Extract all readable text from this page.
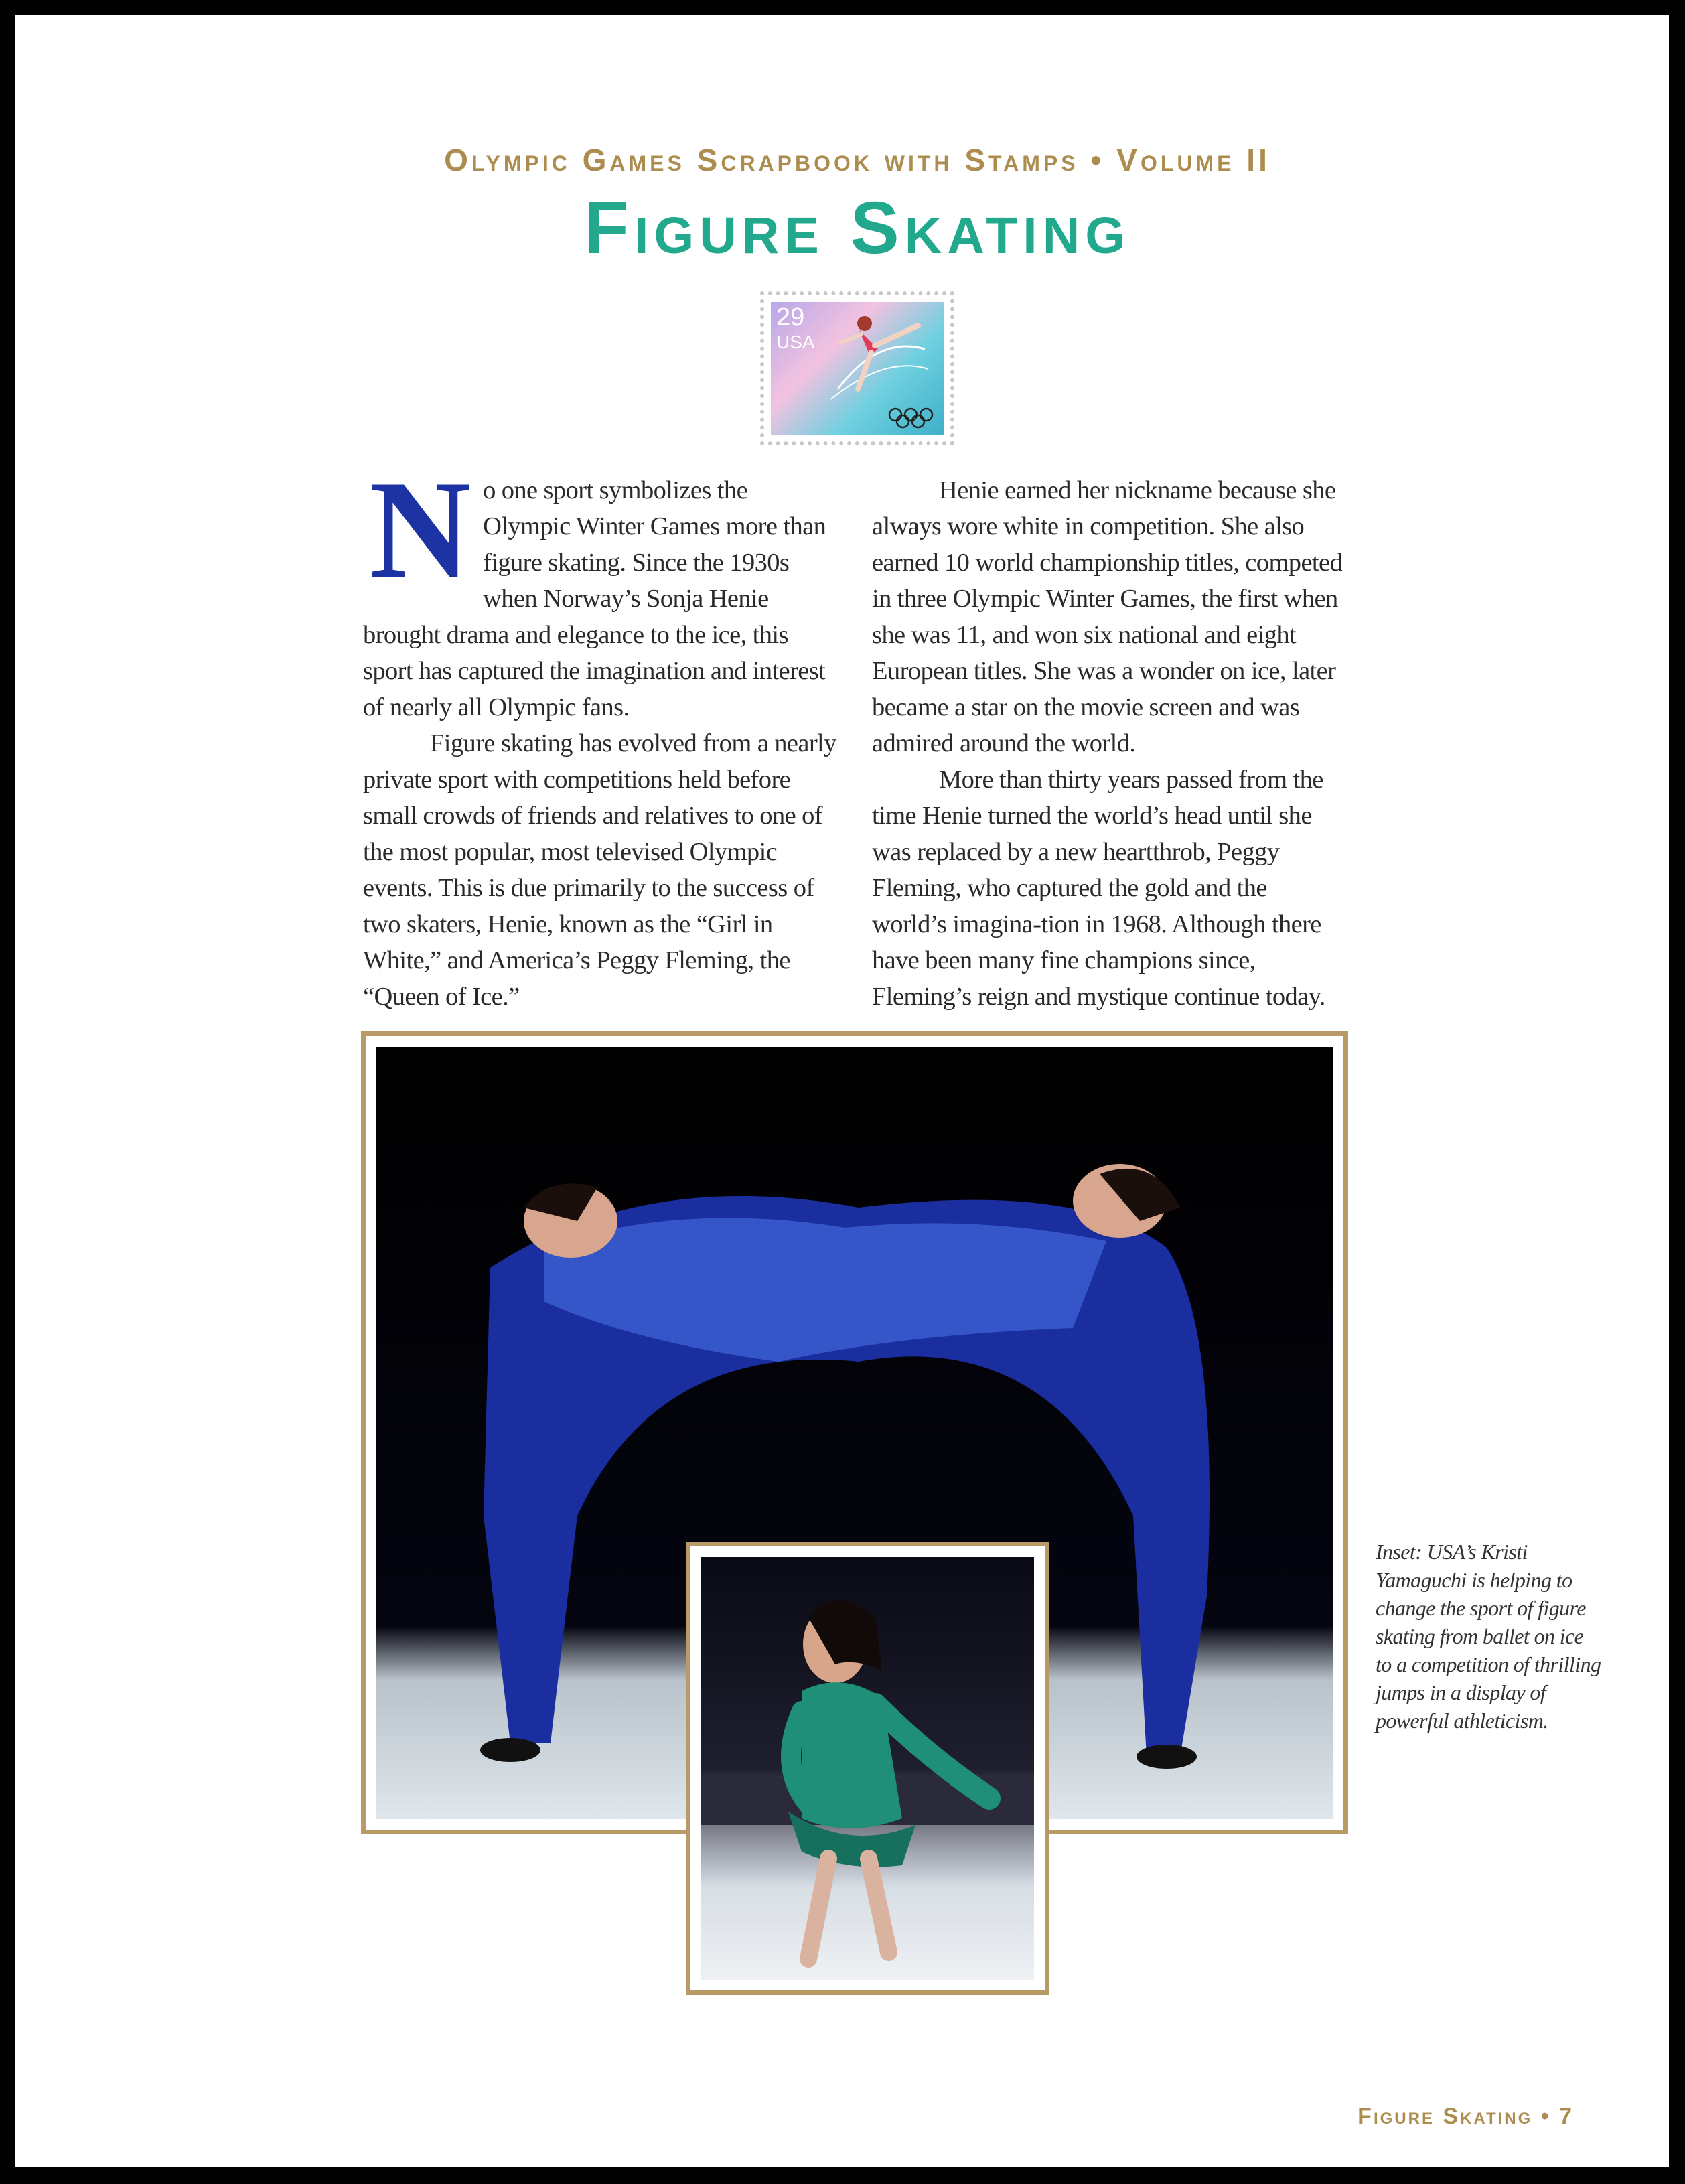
Olympic Games Scrapbook with Stamps • Volume II
Figure Skating
29
USA

No one sport symbolizes the Olympic Winter Games more than figure skating. Since the 1930s when Norway’s Sonja Henie brought drama and elegance to the ice, this sport has captured the imagination and interest of nearly all Olympic fans.

Figure skating has evolved from a nearly private sport with competitions held before small crowds of friends and relatives to one of the most popular, most televised Olympic events. This is due primarily to the success of two skaters, Henie, known as the “Girl in White,” and America’s Peggy Fleming, the “Queen of Ice.”

Henie earned her nickname because she always wore white in competition. She also earned 10 world championship titles, competed in three Olympic Winter Games, the first when she was 11, and won six national and eight European titles. She was a wonder on ice, later became a star on the movie screen and was admired around the world.

More than thirty years passed from the time Henie turned the world’s head until she was replaced by a new heartthrob, Peggy Fleming, who captured the gold and the world’s imagina-tion in 1968. Although there have been many fine champions since, Fleming’s reign and mystique continue today.

Inset: USA’s Kristi Yamaguchi is helping to change the sport of figure skating from ballet on ice to a competition of thrilling jumps in a display of powerful athleticism.
Figure Skating • 7
